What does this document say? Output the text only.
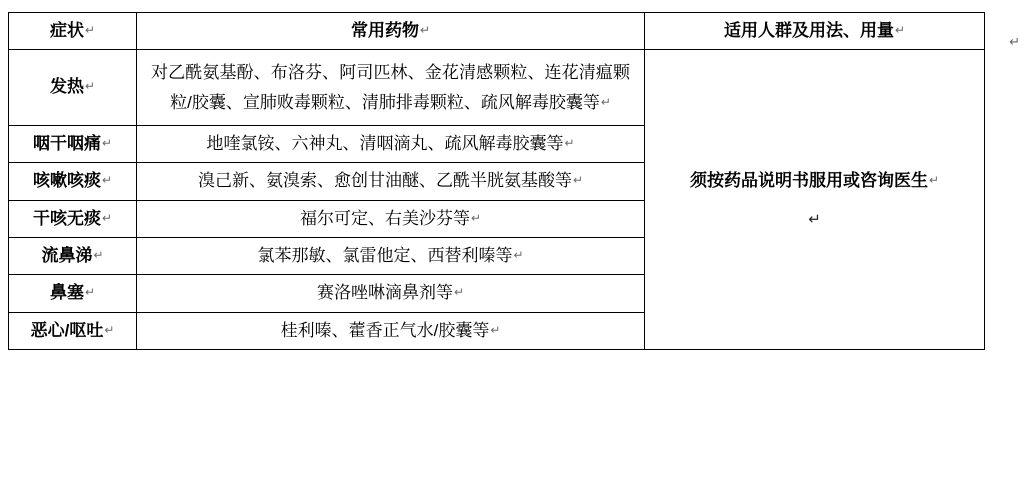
症状↵	常用药物↵	适用人群及用法、用量↵
发热↵	对乙酰氨基酚、布洛芬、阿司匹林、金花清感颗粒、连花清瘟颗粒/胶囊、宣肺败毒颗粒、清肺排毒颗粒、疏风解毒胶囊等↵	须按药品说明书服用或咨询医生↵
↵

咽干咽痛↵	地喹氯铵、六神丸、清咽滴丸、疏风解毒胶囊等↵	
咳嗽咳痰↵	溴己新、氨溴索、愈创甘油醚、乙酰半胱氨基酸等↵	
干咳无痰↵	福尔可定、右美沙芬等↵	
流鼻涕↵	氯苯那敏、氯雷他定、西替利嗪等↵	
鼻塞↵	赛洛唑啉滴鼻剂等↵	
恶心/呕吐↵	桂利嗪、藿香正气水/胶囊等↵	
↵
